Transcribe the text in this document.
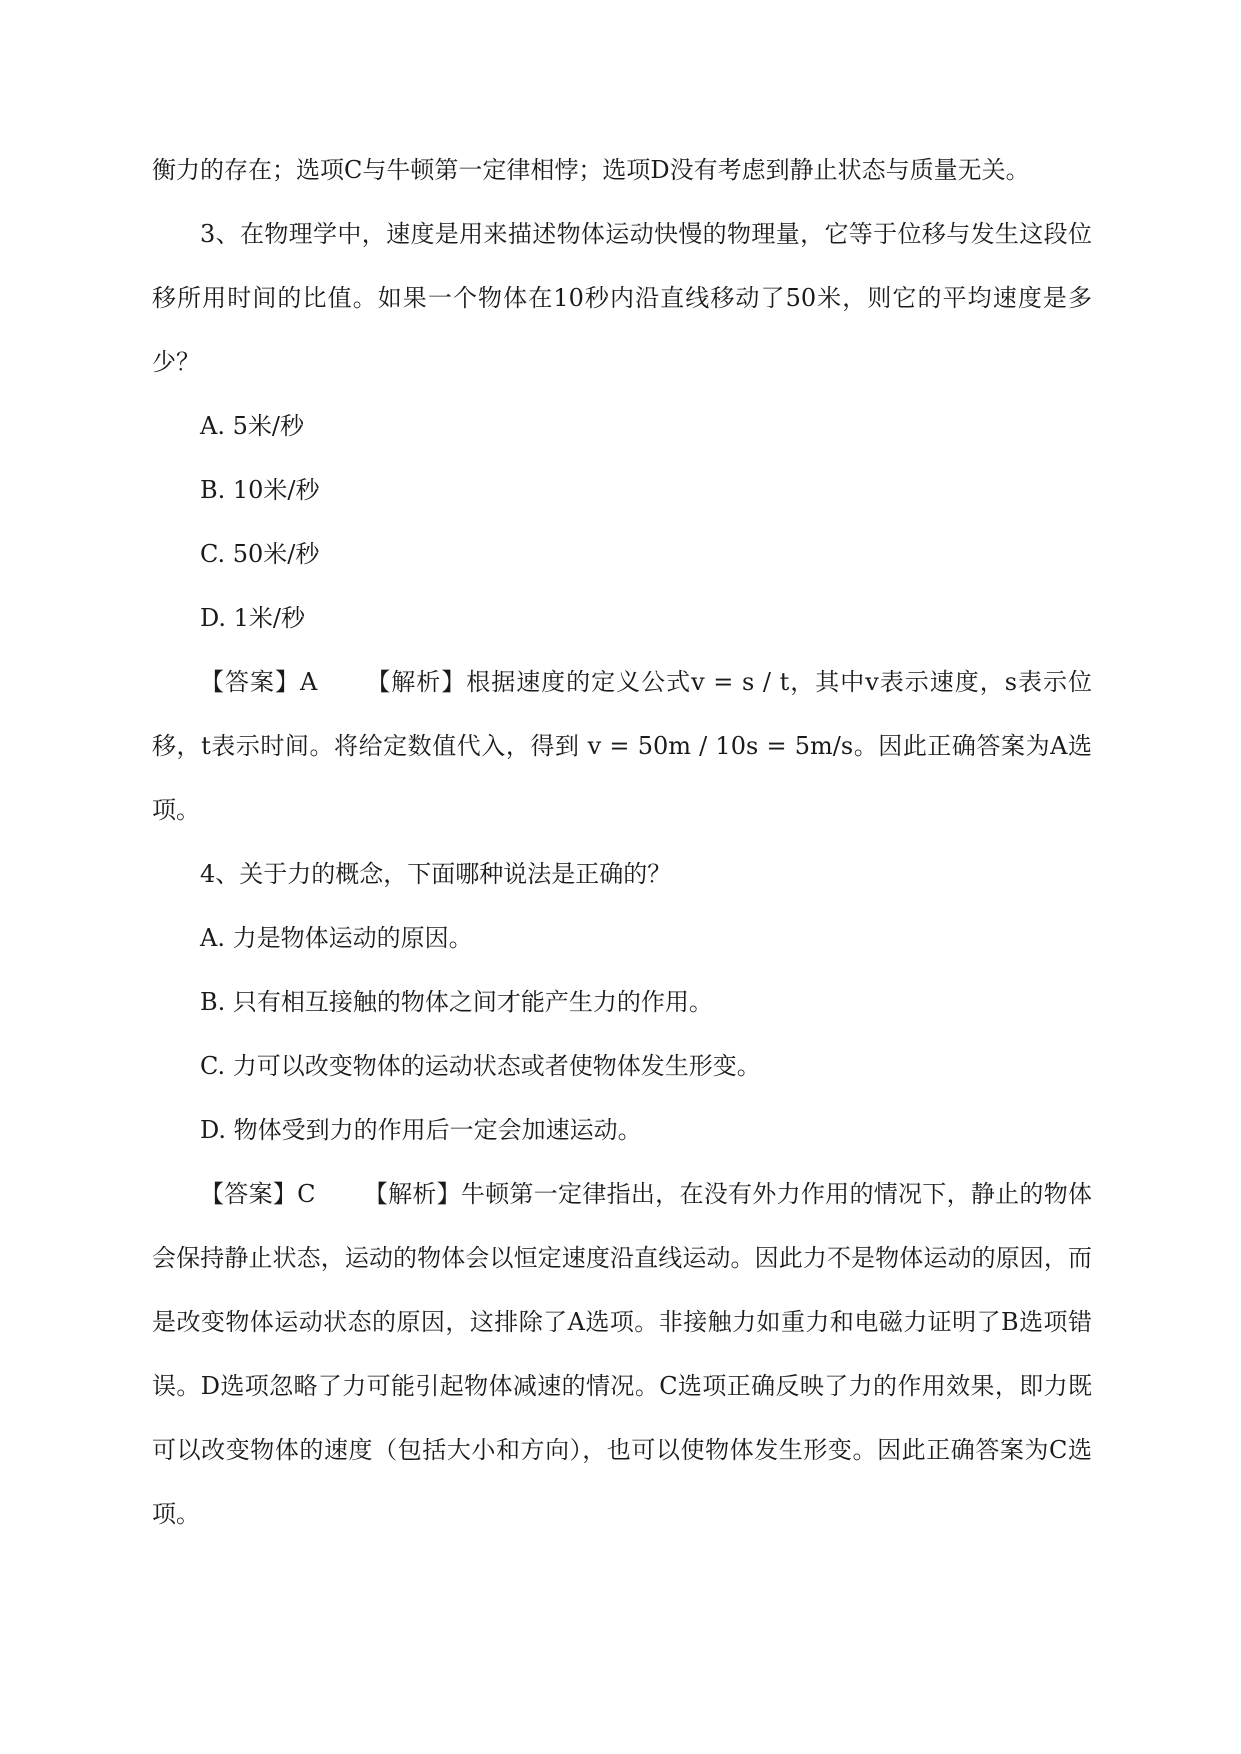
衡力的存在；选项C与牛顿第一定律相悖；选项D没有考虑到静止状态与质量无关。

3、在物理学中，速度是用来描述物体运动快慢的物理量，它等于位移与发生这段位移所用时间的比值。如果一个物体在10秒内沿直线移动了50米，则它的平均速度是多少？

A. 5米/秒

B. 10米/秒

C. 50米/秒

D. 1米/秒

【答案】A 【解析】根据速度的定义公式v = s / t，其中v表示速度，s表示位移，t表示时间。将给定数值代入，得到 v = 50m / 10s = 5m/s。因此正确答案为A选项。

4、关于力的概念，下面哪种说法是正确的？

A. 力是物体运动的原因。

B. 只有相互接触的物体之间才能产生力的作用。

C. 力可以改变物体的运动状态或者使物体发生形变。

D. 物体受到力的作用后一定会加速运动。

【答案】C 【解析】牛顿第一定律指出，在没有外力作用的情况下，静止的物体会保持静止状态，运动的物体会以恒定速度沿直线运动。因此力不是物体运动的原因，而是改变物体运动状态的原因，这排除了A选项。非接触力如重力和电磁力证明了B选项错误。D选项忽略了力可能引起物体减速的情况。C选项正确反映了力的作用效果，即力既可以改变物体的速度（包括大小和方向），也可以使物体发生形变。因此正确答案为C选项。
